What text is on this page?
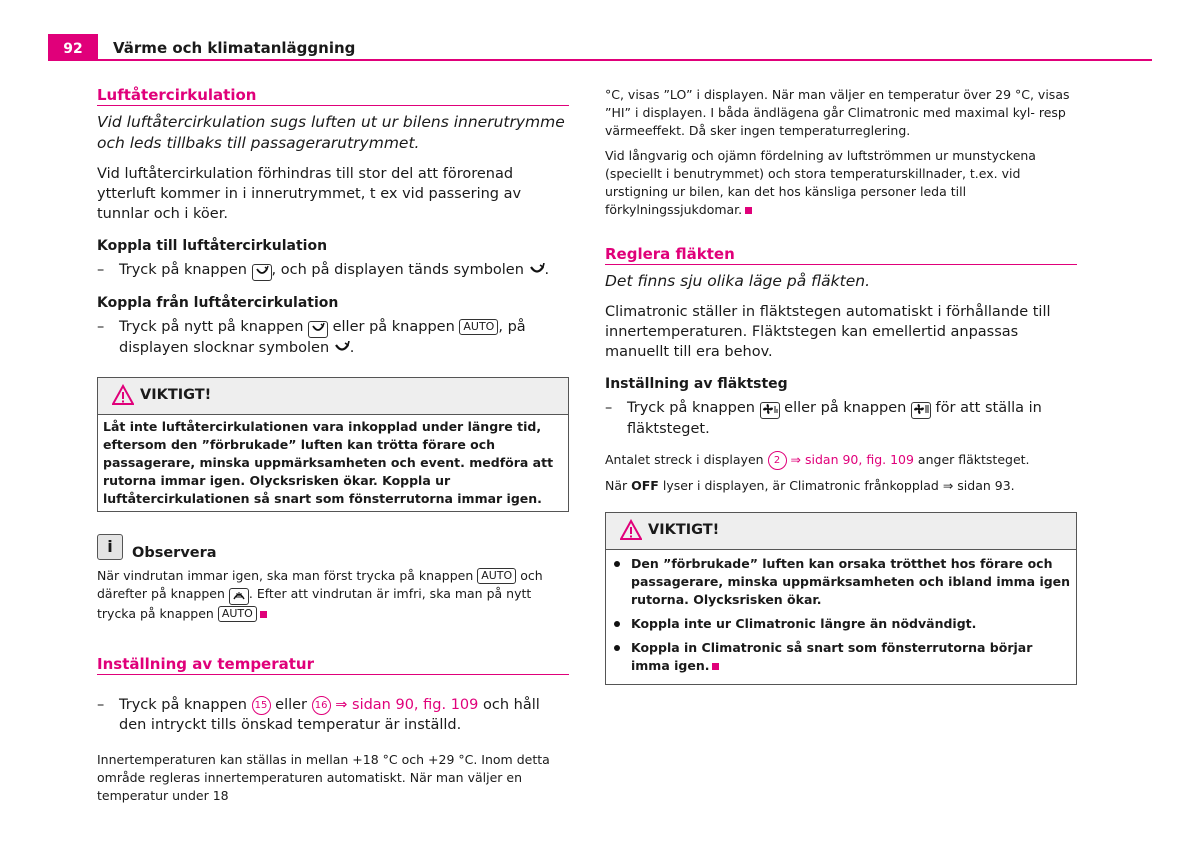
92	Värme och klimatanläggning
Luftåtercirkulation

Vid luftåtercirkulation sugs luften ut ur bilens innerutrymme och leds tillbaks till passagerarutrymmet.

Vid luftåtercirkulation förhindras till stor del att förorenad ytterluft kommer in i innerutrymmet, t ex vid passering av tunnlar och i köer.

Koppla till luftåtercirkulation
– Tryck på knappen , och på displayen tänds symbolen .
Koppla från luftåtercirkulation
– Tryck på nytt på knappen eller på knappen AUTO , på displayen slocknar symbolen .
VIKTIGT!
Låt inte luftåtercirkulationen vara inkopplad under längre tid, eftersom den ”förbrukade” luften kan trötta förare och passagerare, minska uppmärksamheten och event. medföra att rutorna immar igen. Olycksrisken ökar. Koppla ur luftåtercirkulationen så snart som fönsterrutorna immar igen.
i	Observera

När vindrutan immar igen, ska man först trycka på knappen AUTO och därefter på knappen . Efter att vindrutan är imfri, ska man på nytt trycka på knappen AUTO

Inställning av temperatur
– Tryck på knappen 15 eller 16 ⇒ sidan 90, fig. 109 och håll den intryckt tills önskad temperatur är inställd.

Innertemperaturen kan ställas in mellan +18 °C och +29 °C. Inom detta område regleras innertemperaturen automatiskt. När man väljer en temperatur under 18

°C, visas ”LO” i displayen. När man väljer en temperatur över 29 °C, visas ”HI” i displayen. I båda ändlägena går Climatronic med maximal kyl- resp värmeeffekt. Då sker ingen temperaturreglering.

Vid långvarig och ojämn fördelning av luftströmmen ur munstyckena (speciellt i benutrymmet) och stora temperaturskillnader, t.ex. vid urstigning ur bilen, kan det hos känsliga personer leda till förkylningssjukdomar.

Reglera fläkten

Det finns sju olika läge på fläkten.

Climatronic ställer in fläktstegen automatiskt i förhållande till innertemperaturen. Fläktstegen kan emellertid anpassas manuellt till era behov.

Inställning av fläktsteg
– Tryck på knappen eller på knappen för att ställa in fläktsteget.

Antalet streck i displayen 2 ⇒ sidan 90, fig. 109 anger fläktsteget.

När OFF lyser i displayen, är Climatronic frånkopplad ⇒ sidan 93.

VIKTIGT!
Den ”förbrukade” luften kan orsaka trötthet hos förare och passagerare, minska uppmärksamheten och ibland imma igen rutorna. Olycksrisken ökar.
Koppla inte ur Climatronic längre än nödvändigt.
Koppla in Climatronic så snart som fönsterrutorna börjar imma igen.
